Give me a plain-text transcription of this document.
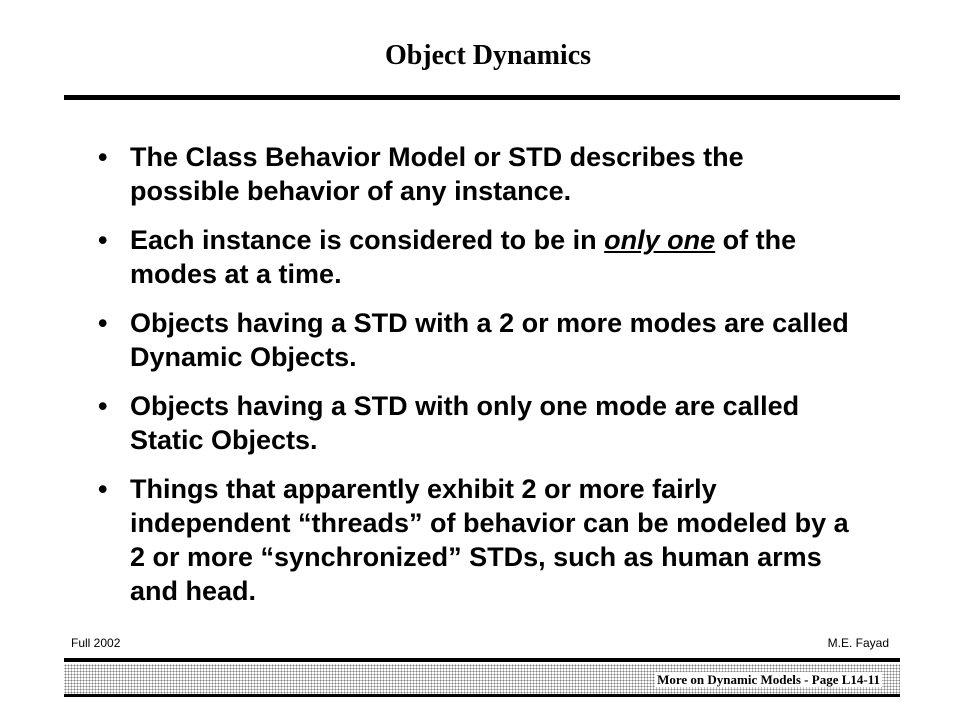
Object Dynamics
• The Class Behavior Model or STD describes the possible behavior of any instance.
• Each instance is considered to be in only one of the modes at a time.
• Objects having a STD with a 2 or more modes are called Dynamic Objects.
• Objects having a STD with only one mode are called Static Objects.
• Things that apparently exhibit 2 or more fairly independent “threads” of behavior can be modeled by a 2 or more “synchronized” STDs, such as human arms and head.
Full 2002	M.E. Fayad
More on Dynamic Models - Page L14-11
